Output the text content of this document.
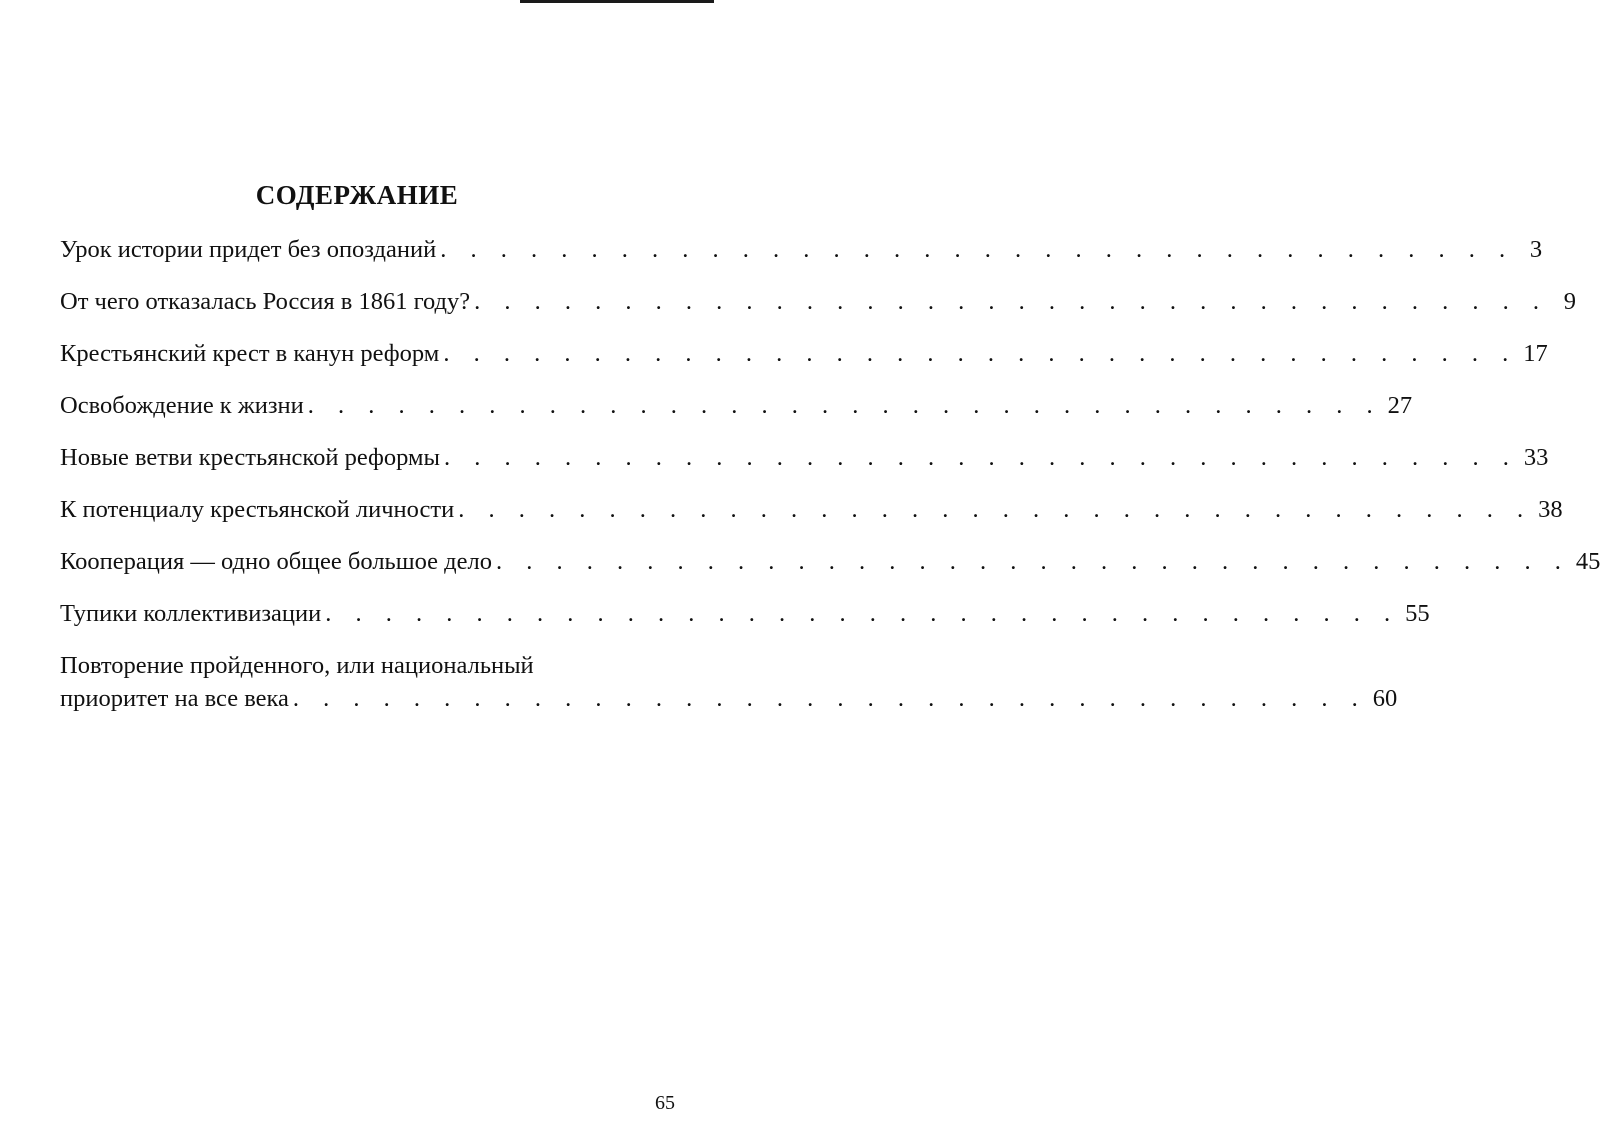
СОДЕРЖАНИЕ
Урок истории придет без опозданий . . . . . . . . . . . . . . . . . . . . . . . . . . . . . . . . . . . . 3
От чего отказалась Россия в 1861 году? . . . . . . . . . . . . . . . . . . . . . . . . . . . . . . . . . . . . 9
Крестьянский крест в канун реформ . . . . . . . . . . . . . . . . . . . . . . . . . . . . . . . . . . . . 17
Освобождение к жизни . . . . . . . . . . . . . . . . . . . . . . . . . . . . . . . . . . . . 27
Новые ветви крестьянской реформы . . . . . . . . . . . . . . . . . . . . . . . . . . . . . . . . . . . . 33
К потенциалу крестьянской личности . . . . . . . . . . . . . . . . . . . . . . . . . . . . . . . . . . . . 38
Кооперация — одно общее большое дело . . . . . . . . . . . . . . . . . . . . . . . . . . . . . . . . . . . . 45
Тупики коллективизации . . . . . . . . . . . . . . . . . . . . . . . . . . . . . . . . . . . . 55
Повторение пройденного, или национальный
приоритет на все века . . . . . . . . . . . . . . . . . . . . . . . . . . . . . . . . . . . . 60
65
